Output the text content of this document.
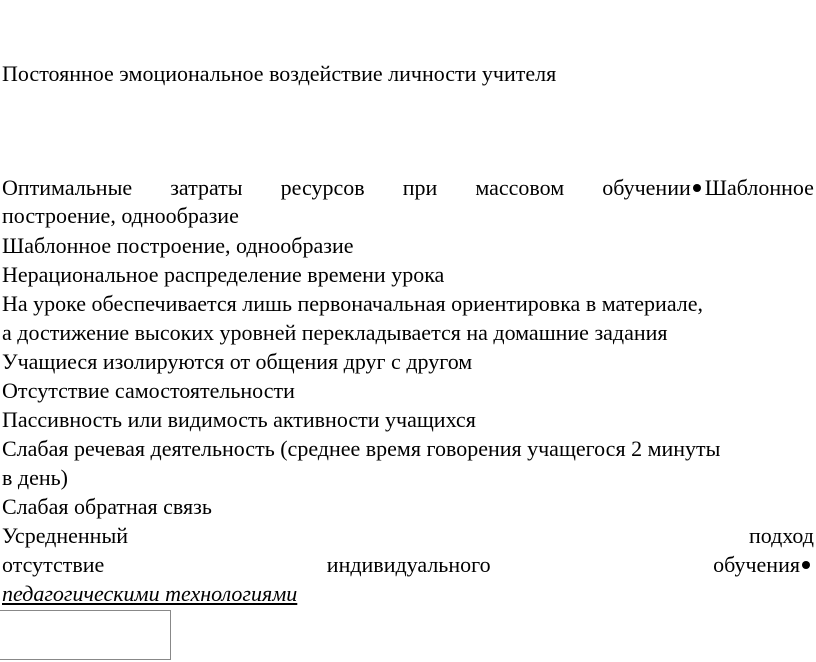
Постоянное эмоциональное воздействие личности учителя
Оптимальные затраты ресурсов при массовом обучении Шаблонное
построение, однообразие
Шаблонное построение, однообразие
Нерациональное распределение времени урока
На уроке обеспечивается лишь первоначальная ориентировка в материале,
а достижение высоких уровней перекладывается на домашние задания
Учащиеся изолируются от общения друг с другом
Отсутствие самостоятельности
Пассивность или видимость активности учащихся
Слабая речевая деятельность (среднее время говорения учащегося 2 минуты
в день)
Слабая обратная связь
Усредненный	подход
отсутствие	индивидуального	обучения
педагогическими технологиями
